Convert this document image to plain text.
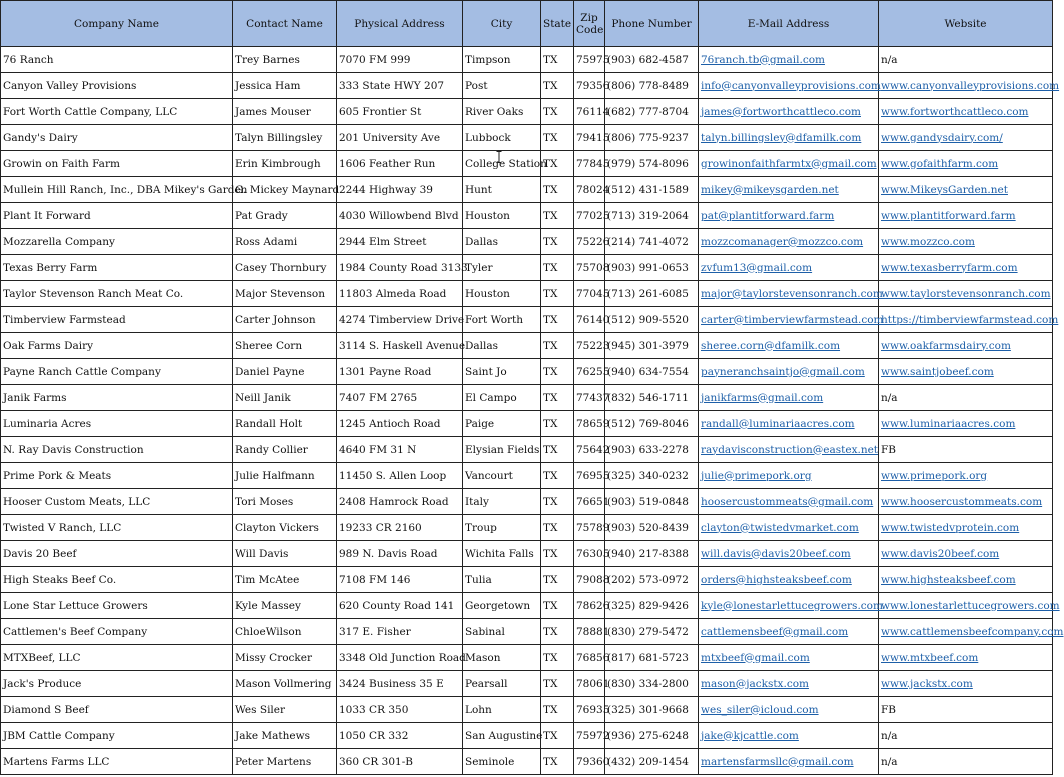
Company Name	Contact Name	Physical Address	City	State	Zip Code	Phone Number	E-Mail Address	Website
76 Ranch	Trey Barnes	7070 FM 999	Timpson	TX	75975	(903) 682-4587	76ranch.tb@gmail.com	n/a
Canyon Valley Provisions	Jessica Ham	333 State HWY 207	Post	TX	79356	(806) 778-8489	info@canyonvalleyprovisions.com	www.canyonvalleyprovisions.com
Fort Worth Cattle Company, LLC	James Mouser	605 Frontier St	River Oaks	TX	76114	(682) 777-8704	james@fortworthcattleco.com	www.fortworthcattleco.com
Gandy's Dairy	Talyn Billingsley	201 University Ave	Lubbock	TX	79415	(806) 775-9237	talyn.billingsley@dfamilk.com	www.gandysdairy.com/
Growin on Faith Farm	Erin Kimbrough	1606 Feather Run	College Station	TX	77845	(979) 574-8096	growinonfaithfarmtx@gmail.com	www.gofaithfarm.com
Mullein Hill Ranch, Inc., DBA Mikey's Garden	G. Mickey Maynard	2244 Highway 39	Hunt	TX	78024	(512) 431-1589	mikey@mikeysgarden.net	www.MikeysGarden.net
Plant It Forward	Pat Grady	4030 Willowbend Blvd	Houston	TX	77025	(713) 319-2064	pat@plantitforward.farm	www.plantitforward.farm
Mozzarella Company	Ross Adami	2944 Elm Street	Dallas	TX	75226	(214) 741-4072	mozzcomanager@mozzco.com	www.mozzco.com
Texas Berry Farm	Casey Thornbury	1984 County Road 3133	Tyler	TX	75708	(903) 991-0653	zvfum13@gmail.com	www.texasberryfarm.com
Taylor Stevenson Ranch Meat Co.	Major Stevenson	11803 Almeda Road	Houston	TX	77045	(713) 261-6085	major@taylorstevensonranch.com	www.taylorstevensonranch.com
Timberview Farmstead	Carter Johnson	4274 Timberview Drive	Fort Worth	TX	76140	(512) 909-5520	carter@timberviewfarmstead.com	https://timberviewfarmstead.com
Oak Farms Dairy	Sheree Corn	3114 S. Haskell Avenue	Dallas	TX	75223	(945) 301-3979	sheree.corn@dfamilk.com	www.oakfarmsdairy.com
Payne Ranch Cattle Company	Daniel Payne	1301 Payne Road	Saint Jo	TX	76255	(940) 634-7554	payneranchsaintjo@gmail.com	www.saintjobeef.com
Janik Farms	Neill Janik	7407 FM 2765	El Campo	TX	77437	(832) 546-1711	janikfarms@gmail.com	n/a
Luminaria Acres	Randall Holt	1245 Antioch Road	Paige	TX	78659	(512) 769-8046	randall@luminariaacres.com	www.luminariaacres.com
N. Ray Davis Construction	Randy Collier	4640 FM 31 N	Elysian Fields	TX	75642	(903) 633-2278	raydavisconstruction@eastex.net	FB
Prime Pork & Meats	Julie Halfmann	11450 S. Allen Loop	Vancourt	TX	76955	(325) 340-0232	julie@primepork.org	www.primepork.org
Hooser Custom Meats, LLC	Tori Moses	2408 Hamrock Road	Italy	TX	76651	(903) 519-0848	hoosercustommeats@gmail.com	www.hoosercustommeats.com
Twisted V Ranch, LLC	Clayton Vickers	19233 CR 2160	Troup	TX	75789	(903) 520-8439	clayton@twistedvmarket.com	www.twistedvprotein.com
Davis 20 Beef	Will Davis	989 N. Davis Road	Wichita Falls	TX	76305	(940) 217-8388	will.davis@davis20beef.com	www.davis20beef.com
High Steaks Beef Co.	Tim McAtee	7108 FM 146	Tulia	TX	79088	(202) 573-0972	orders@highsteaksbeef.com	www.highsteaksbeef.com
Lone Star Lettuce Growers	Kyle Massey	620 County Road 141	Georgetown	TX	78626	(325) 829-9426	kyle@lonestarlettucegrowers.com	www.lonestarlettucegrowers.com
Cattlemen's Beef Company	ChloeWilson	317 E. Fisher	Sabinal	TX	78881	(830) 279-5472	cattlemensbeef@gmail.com	www.cattlemensbeefcompany.com
MTXBeef, LLC	Missy Crocker	3348 Old Junction Road	Mason	TX	76856	(817) 681-5723	mtxbeef@gmail.com	www.mtxbeef.com
Jack's Produce	Mason Vollmering	3424 Business 35 E	Pearsall	TX	78061	(830) 334-2800	mason@jackstx.com	www.jackstx.com
Diamond S Beef	Wes Siler	1033 CR 350	Lohn	TX	76935	(325) 301-9668	wes_siler@icloud.com	FB
JBM Cattle Company	Jake Mathews	1050 CR 332	San Augustine	TX	75972	(936) 275-6248	jake@kjcattle.com	n/a
Martens Farms LLC	Peter Martens	360 CR 301-B	Seminole	TX	79360	(432) 209-1454	martensfarmsllc@gmail.com	n/a
